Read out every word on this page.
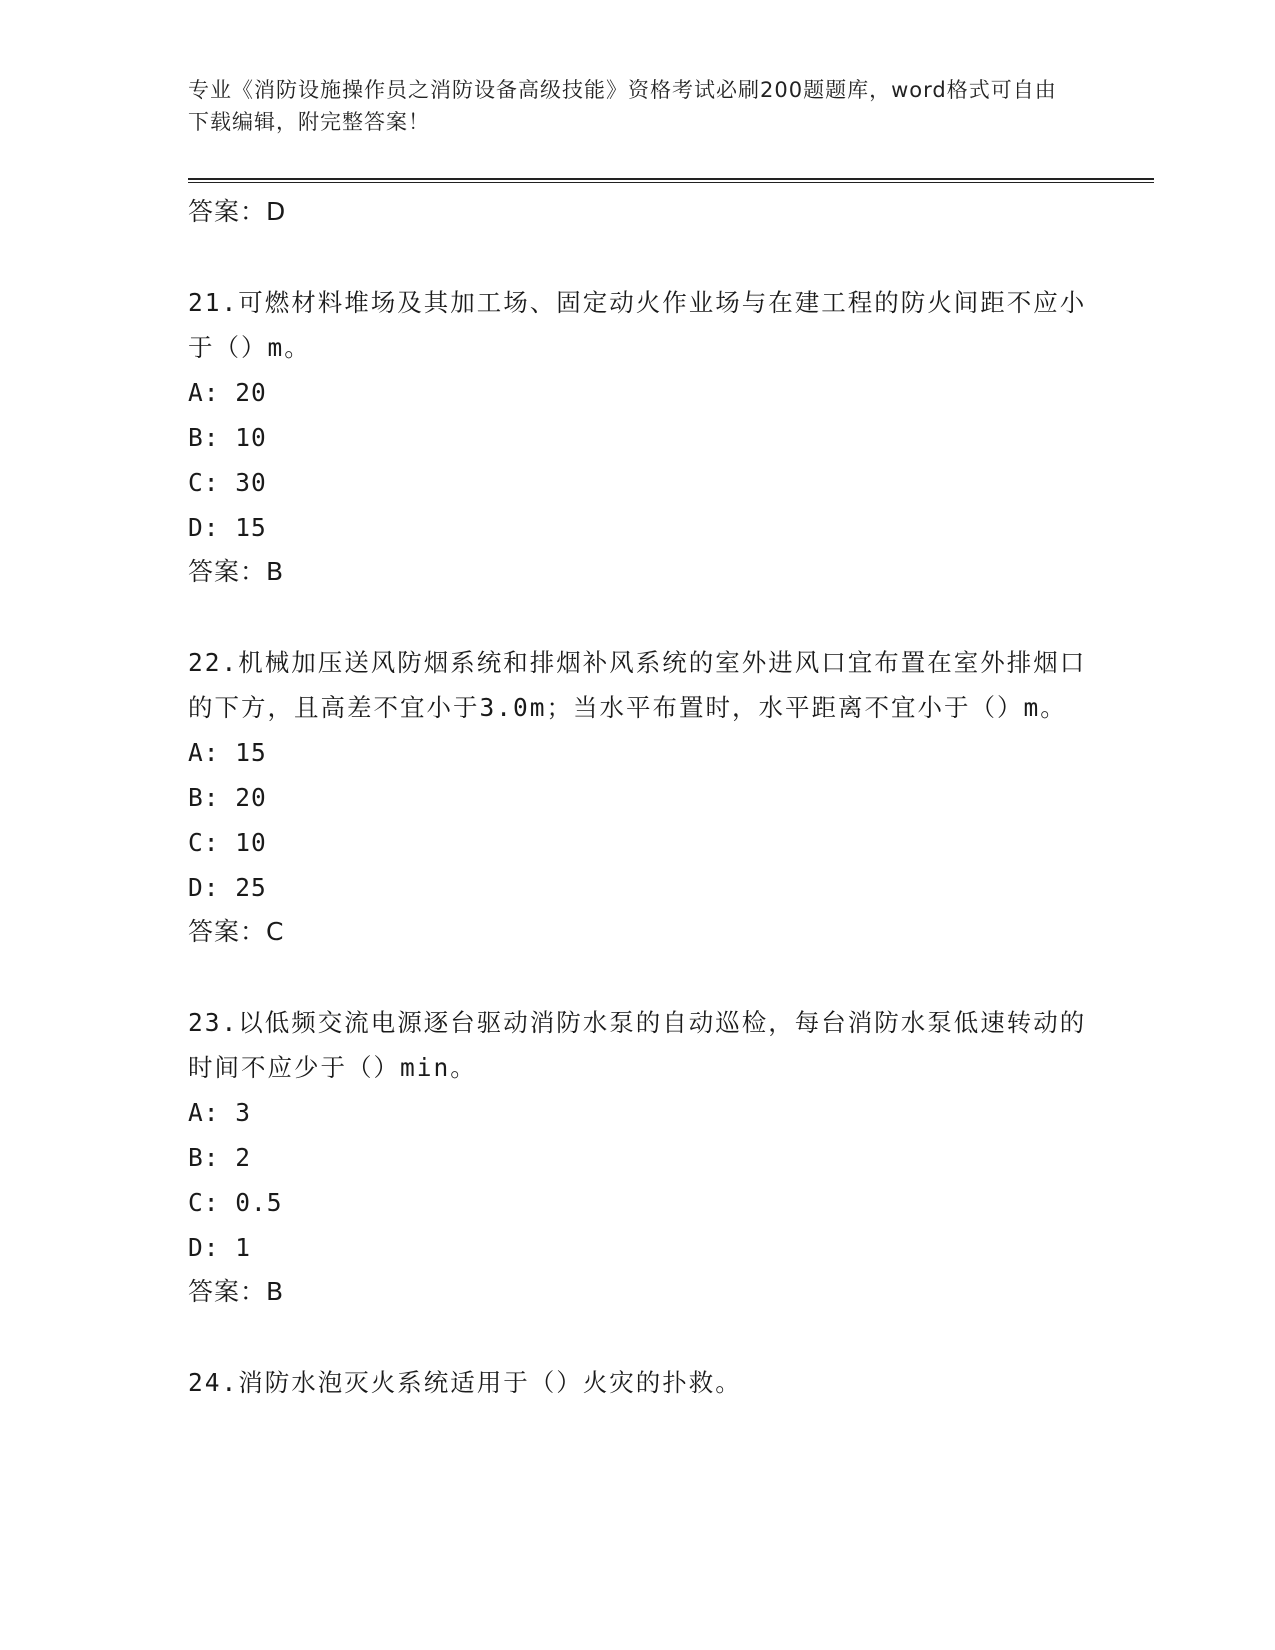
专业《消防设施操作员之消防设备高级技能》资格考试必刷200题题库，word格式可自由下载编辑，附完整答案！
答案：D

21.可燃材料堆场及其加工场、固定动火作业场与在建工程的防火间距不应小于（）m。

A: 20
B: 10
C: 30
D: 15
答案：B

22.机械加压送风防烟系统和排烟补风系统的室外进风口宜布置在室外排烟口的下方，且高差不宜小于3.0m；当水平布置时，水平距离不宜小于（）m。

A: 15
B: 20
C: 10
D: 25
答案：C

23.以低频交流电源逐台驱动消防水泵的自动巡检，每台消防水泵低速转动的时间不应少于（）min。

A: 3
B: 2
C: 0.5
D: 1
答案：B

24.消防水泡灭火系统适用于（）火灾的扑救。
